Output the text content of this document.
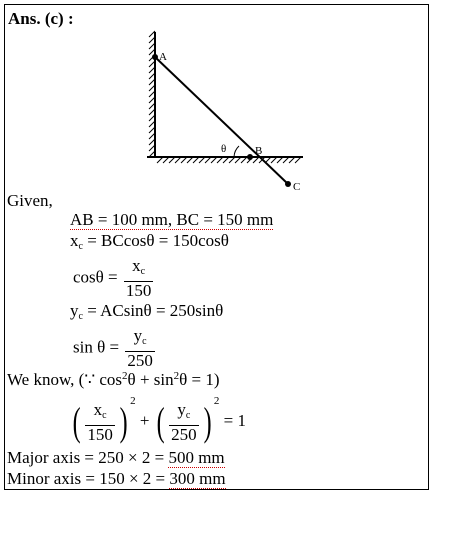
Ans. (c) :
A
B
C
θ
Given,
AB = 100 mm, BC = 150 mm
$x_c = BCcos\theta = 150\cos\theta$
$\cos\theta = \frac{x_c}{150}$
$y_c = ACsin\theta = 250\sin\theta$
$\sin \theta = \frac{y_c}{250}$
We know, (∵ $\cos^2\theta + \sin^2\theta = 1$)
( $\frac{x_c}{150}$ ) $^2$ + ( $\frac{y_c}{250}$ ) $^2$ = 1
Major axis = 250 × 2 = 500 mm
Minor axis = 150 × 2 = 300 mm
